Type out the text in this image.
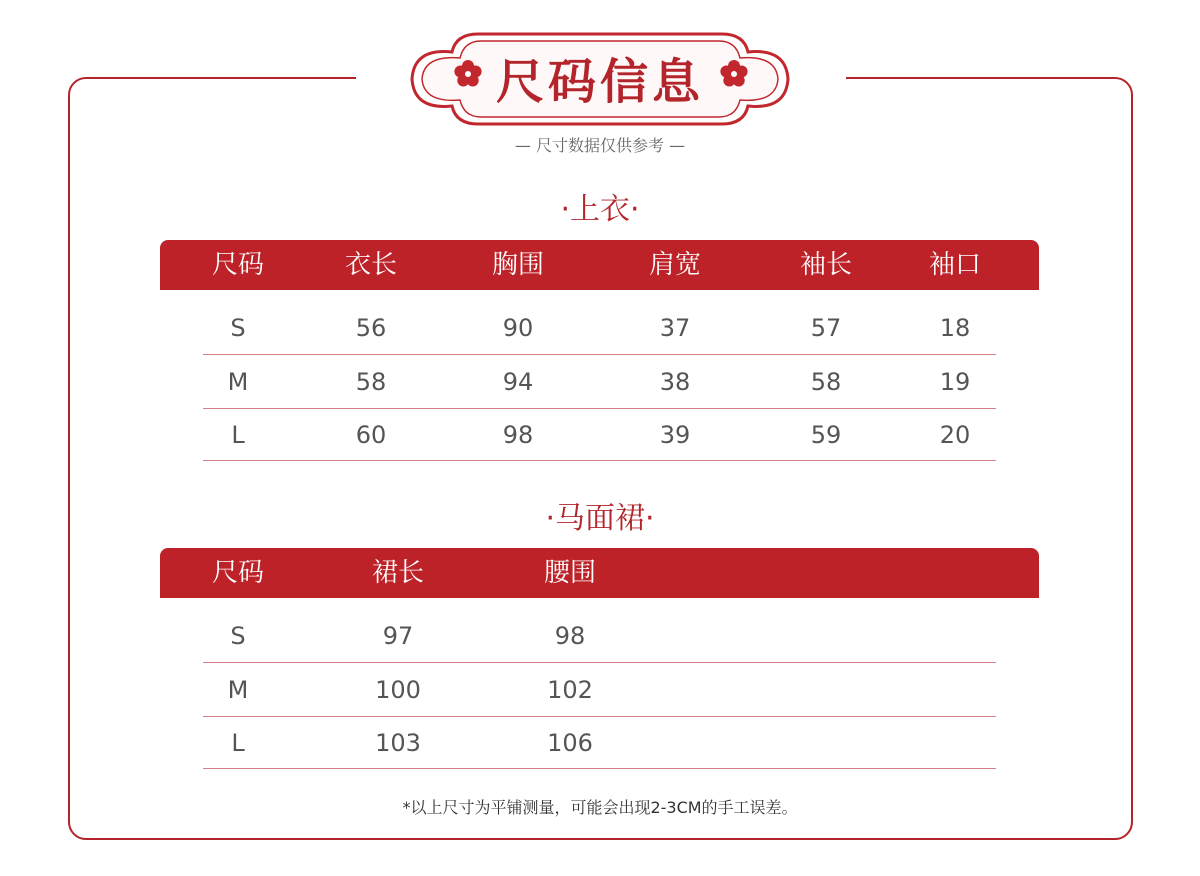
尺码信息
— 尺寸数据仅供参考 —
·上衣·
尺码	衣长	胸围	肩宽	袖长	袖口
S	56	90	37	57	18
M	58	94	38	58	19
L	60	98	39	59	20
·马面裙·
尺码	裙长	腰围
S	97	98
M	100	102
L	103	106
*以上尺寸为平铺测量，可能会出现2-3CM的手工误差。
